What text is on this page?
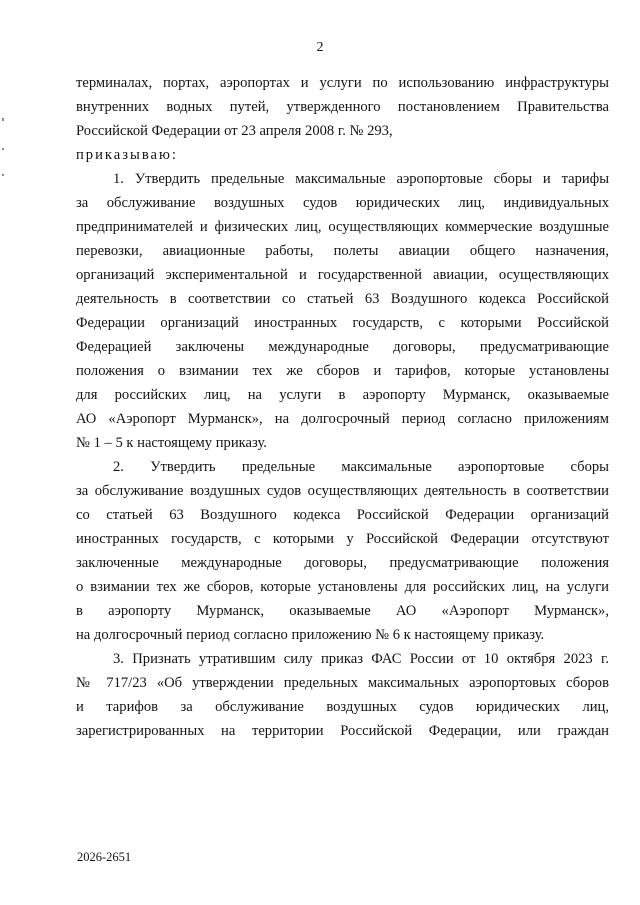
2
терминалах, портах, аэропортах и услуги по использованию инфраструктуры
внутренних водных путей, утвержденного постановлением Правительства
Российской Федерации от 23 апреля 2008 г. № 293,
приказываю:
1. Утвердить предельные максимальные аэропортовые сборы и тарифы
за обслуживание воздушных судов юридических лиц, индивидуальных
предпринимателей и физических лиц, осуществляющих коммерческие воздушные
перевозки, авиационные работы, полеты авиации общего назначения,
организаций экспериментальной и государственной авиации, осуществляющих
деятельность в соответствии со статьей 63 Воздушного кодекса Российской
Федерации организаций иностранных государств, с которыми Российской
Федерацией заключены международные договоры, предусматривающие
положения о взимании тех же сборов и тарифов, которые установлены
для российских лиц, на услуги в аэропорту Мурманск, оказываемые
АО «Аэропорт Мурманск», на долгосрочный период согласно приложениям
№ 1 – 5 к настоящему приказу.
2. Утвердить предельные максимальные аэропортовые сборы
за обслуживание воздушных судов осуществляющих деятельность в соответствии
со статьей 63 Воздушного кодекса Российской Федерации организаций
иностранных государств, с которыми у Российской Федерации отсутствуют
заключенные международные договоры, предусматривающие положения
о взимании тех же сборов, которые установлены для российских лиц, на услуги
в аэропорту Мурманск, оказываемые АО «Аэропорт Мурманск»,
на долгосрочный период согласно приложению № 6 к настоящему приказу.
3. Признать утратившим силу приказ ФАС России от 10 октября 2023 г.
№ 717/23 «Об утверждении предельных максимальных аэропортовых сборов
и тарифов за обслуживание воздушных судов юридических лиц,
зарегистрированных на территории Российской Федерации, или граждан
2026-2651
